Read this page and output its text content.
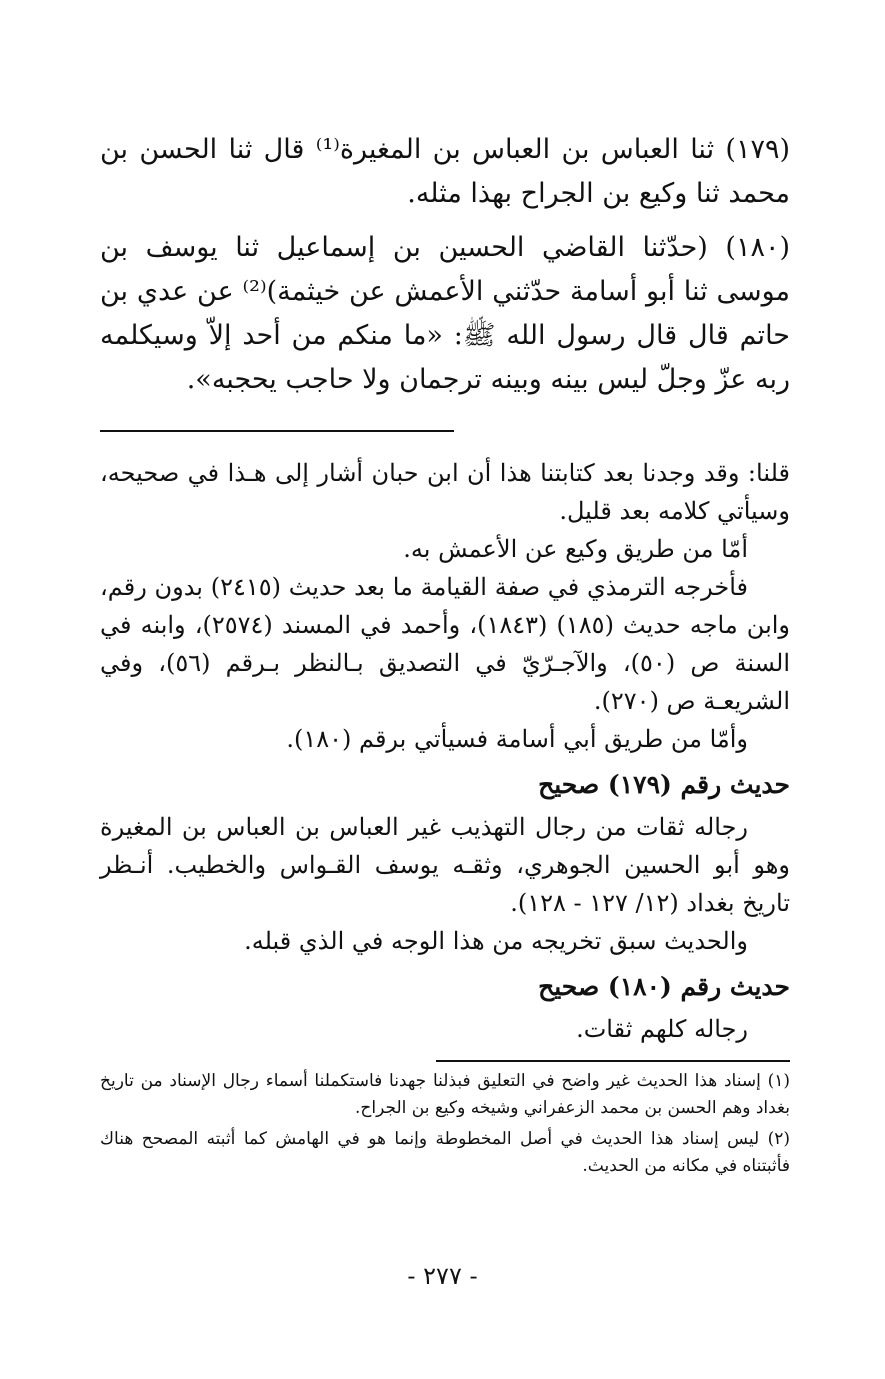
(١٧٩) ثنا العباس بن العباس بن المغيرة⁽¹⁾ قال ثنا الحسن بن محمد ثنا وكيع بن الجراح بهذا مثله.

(١٨٠) (حدّثنا القاضي الحسين بن إسماعيل ثنا يوسف بن موسى ثنا أبو أسامة حدّثني الأعمش عن خيثمة)⁽²⁾ عن عدي بن حاتم قال قال رسول الله ﷺ: «ما منكم من أحد إلاّ وسيكلمه ربه عزّ وجلّ ليس بينه وبينه ترجمان ولا حاجب يحجبه».

قلنا: وقد وجدنا بعد كتابتنا هذا أن ابن حبان أشار إلى هـذا في صحيحه، وسيأتي كلامه بعد قليل.

أمّا من طريق وكيع عن الأعمش به.

فأخرجه الترمذي في صفة القيامة ما بعد حديث (٢٤١٥) بدون رقم، وابن ماجه حديث (١٨٥) (١٨٤٣)، وأحمد في المسند (٢٥٧٤)، وابنه في السنة ص (٥٠)، والآجـرّيّ في التصديق بـالنظر بـرقم (٥٦)، وفي الشريعـة ص (٢٧٠).

وأمّا من طريق أبي أسامة فسيأتي برقم (١٨٠).

حديث رقم (١٧٩) صحيح

رجاله ثقات من رجال التهذيب غير العباس بن العباس بن المغيرة وهو أبو الحسين الجوهري، وثقـه يوسف القـواس والخطيب. أنـظر تاريخ بغداد (١٢/ ١٢٧ - ١٢٨).

والحديث سبق تخريجه من هذا الوجه في الذي قبله.

حديث رقم (١٨٠) صحيح

رجاله كلهم ثقات.

(١) إسناد هذا الحديث غير واضح في التعليق فبذلنا جهدنا فاستكملنا أسماء رجال الإسناد من تاريخ بغداد وهم الحسن بن محمد الزعفراني وشيخه وكيع بن الجراح.

(٢) ليس إسناد هذا الحديث في أصل المخطوطة وإنما هو في الهامش كما أثبته المصحح هناك فأثبتناه في مكانه من الحديث.

- ٢٧٧ -
